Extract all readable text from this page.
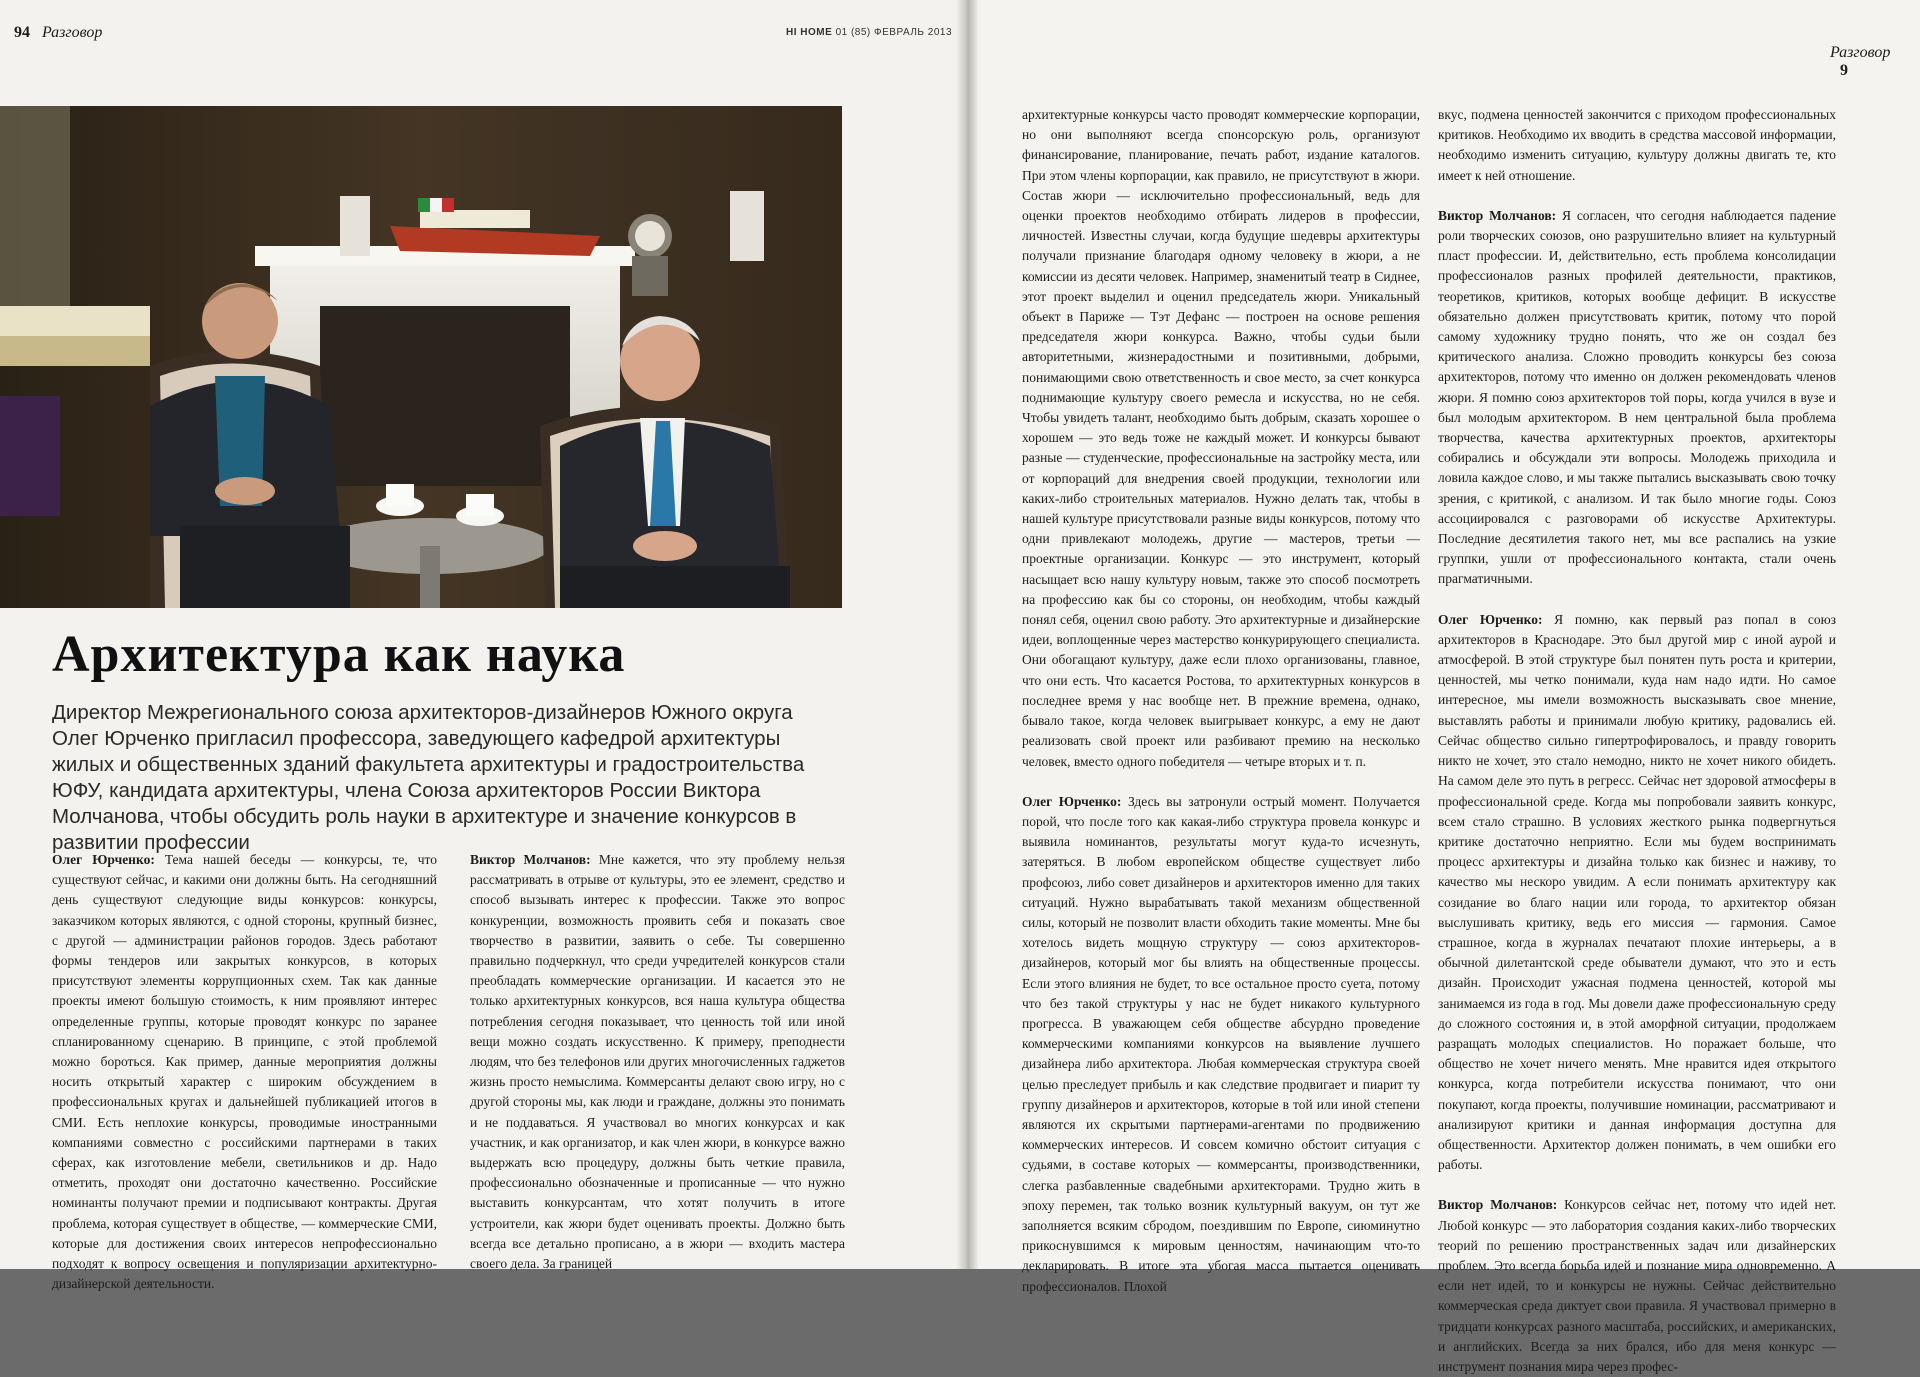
94 Разговор	HI HOME 01 (85) ФЕВРАЛЬ 2013
Архитектура как наука
Директор Межрегионального союза архитекторов-дизайнеров Южного округа Олег Юрченко пригласил профессора, заведующего кафедрой архитектуры жилых и общественных зданий факультета архитектуры и градостроительства ЮФУ, кандидата архитектуры, члена Союза архитекторов России Виктора Молчанова, чтобы обсудить роль науки в архитектуре и значение конкурсов в развитии профессии

Олег Юрченко: Тема нашей беседы — конкурсы, те, что существуют сейчас, и какими они должны быть. На сегодняшний день существуют следующие виды конкурсов: конкурсы, заказчиком которых являются, с одной стороны, крупный бизнес, с другой — администрации районов городов. Здесь работают формы тендеров или закрытых конкурсов, в которых присутствуют элементы коррупционных схем. Так как данные проекты имеют большую стоимость, к ним проявляют интерес определенные группы, которые проводят конкурс по заранее спланированному сценарию. В принципе, с этой проблемой можно бороться. Как пример, данные мероприятия должны носить открытый характер с широким обсуждением в профессиональных кругах и дальнейшей публикацией итогов в СМИ. Есть неплохие конкурсы, проводимые иностранными компаниями совместно с российскими партнерами в таких сферах, как изготовление мебели, светильников и др. Надо отметить, проходят они достаточно качественно. Российские номинанты получают премии и подписывают контракты. Другая проблема, которая существует в обществе, — коммерческие СМИ, которые для достижения своих интересов непрофессионально подходят к вопросу освещения и популяризации архитектурно-дизайнерской деятельности.

Виктор Молчанов: Мне кажется, что эту проблему нельзя рассматривать в отрыве от культуры, это ее элемент, средство и способ вызывать интерес к профессии. Также это вопрос конкуренции, возможность проявить себя и показать свое творчество в развитии, заявить о себе. Ты совершенно правильно подчеркнул, что среди учредителей конкурсов стали преобладать коммерческие организации. И касается это не только архитектурных конкурсов, вся наша культура общества потребления сегодня показывает, что ценность той или иной вещи можно создать искусственно. К примеру, преподнести людям, что без телефонов или других многочисленных гаджетов жизнь просто немыслима. Коммерсанты делают свою игру, но с другой стороны мы, как люди и граждане, должны это понимать и не поддаваться. Я участвовал во многих конкурсах и как участник, и как организатор, и как член жюри, в конкурсе важно выдержать всю процедуру, должны быть четкие правила, профессионально обозначенные и прописанные — что нужно выставить конкурсантам, что хотят получить в итоге устроители, как жюри будет оценивать проекты. Должно быть всегда все детально прописано, а в жюри — входить мастера своего дела. За границей

Разговор 9

архитектурные конкурсы часто проводят коммерческие корпорации, но они выполняют всегда спонсорскую роль, организуют финансирование, планирование, печать работ, издание каталогов. При этом члены корпорации, как правило, не присутствуют в жюри. Состав жюри — исключительно профессиональный, ведь для оценки проектов необходимо отбирать лидеров в профессии, личностей. Известны случаи, когда будущие шедевры архитектуры получали признание благодаря одному человеку в жюри, а не комиссии из десяти человек. Например, знаменитый театр в Сиднее, этот проект выделил и оценил председатель жюри. Уникальный объект в Париже — Тэт Дефанс — построен на основе решения председателя жюри конкурса. Важно, чтобы судьи были авторитетными, жизнерадостными и позитивными, добрыми, понимающими свою ответственность и свое место, за счет конкурса поднимающие культуру своего ремесла и искусства, но не себя. Чтобы увидеть талант, необходимо быть добрым, сказать хорошее о хорошем — это ведь тоже не каждый может. И конкурсы бывают разные — студенческие, профессиональные на застройку места, или от корпораций для внедрения своей продукции, технологии или каких-либо строительных материалов. Нужно делать так, чтобы в нашей культуре присутствовали разные виды конкурсов, потому что одни привлекают молодежь, другие — мастеров, третьи — проектные организации. Конкурс — это инструмент, который насыщает всю нашу культуру новым, также это способ посмотреть на профессию как бы со стороны, он необходим, чтобы каждый понял себя, оценил свою работу. Это архитектурные и дизайнерские идеи, воплощенные через мастерство конкурирующего специалиста. Они обогащают культуру, даже если плохо организованы, главное, что они есть. Что касается Ростова, то архитектурных конкурсов в последнее время у нас вообще нет. В прежние времена, однако, бывало такое, когда человек выигрывает конкурс, а ему не дают реализовать свой проект или разбивают премию на несколько человек, вместо одного победителя — четыре вторых и т. п.

Олег Юрченко: Здесь вы затронули острый момент. Получается порой, что после того как какая-либо структура провела конкурс и выявила номинантов, результаты могут куда-то исчезнуть, затеряться. В любом европейском обществе существует либо профсоюз, либо совет дизайнеров и архитекторов именно для таких ситуаций. Нужно вырабатывать такой механизм общественной силы, который не позволит власти обходить такие моменты. Мне бы хотелось видеть мощную структуру — союз архитекторов-дизайнеров, который мог бы влиять на общественные процессы. Если этого влияния не будет, то все остальное просто суета, потому что без такой структуры у нас не будет никакого культурного прогресса. В уважающем себя обществе абсурдно проведение коммерческими компаниями конкурсов на выявление лучшего дизайнера либо архитектора. Любая коммерческая структура своей целью преследует прибыль и как следствие продвигает и пиарит ту группу дизайнеров и архитекторов, которые в той или иной степени являются их скрытыми партнерами-агентами по продвижению коммерческих интересов. И совсем комично обстоит ситуация с судьями, в составе которых — коммерсанты, производственники, слегка разбавленные свадебными архитекторами. Трудно жить в эпоху перемен, так только возник культурный вакуум, он тут же заполняется всяким сбродом, поездившим по Европе, сиюминутно прикоснувшимся к мировым ценностям, начинающим что-то декларировать. В итоге эта убогая масса пытается оценивать профессионалов. Плохой

вкус, подмена ценностей закончится с приходом профессиональных критиков. Необходимо их вводить в средства массовой информации, необходимо изменить ситуацию, культуру должны двигать те, кто имеет к ней отношение.

Виктор Молчанов: Я согласен, что сегодня наблюдается падение роли творческих союзов, оно разрушительно влияет на культурный пласт профессии. И, действительно, есть проблема консолидации профессионалов разных профилей деятельности, практиков, теоретиков, критиков, которых вообще дефицит. В искусстве обязательно должен присутствовать критик, потому что порой самому художнику трудно понять, что же он создал без критического анализа. Сложно проводить конкурсы без союза архитекторов, потому что именно он должен рекомендовать членов жюри. Я помню союз архитекторов той поры, когда учился в вузе и был молодым архитектором. В нем центральной была проблема творчества, качества архитектурных проектов, архитекторы собирались и обсуждали эти вопросы. Молодежь приходила и ловила каждое слово, и мы также пытались высказывать свою точку зрения, с критикой, с анализом. И так было многие годы. Союз ассоциировался с разговорами об искусстве Архитектуры. Последние десятилетия такого нет, мы все распались на узкие группки, ушли от профессионального контакта, стали очень прагматичными.

Олег Юрченко: Я помню, как первый раз попал в союз архитекторов в Краснодаре. Это был другой мир с иной аурой и атмосферой. В этой структуре был понятен путь роста и критерии, ценностей, мы четко понимали, куда нам надо идти. Но самое интересное, мы имели возможность высказывать свое мнение, выставлять работы и принимали любую критику, радовались ей. Сейчас общество сильно гипертрофировалось, и правду говорить никто не хочет, это стало немодно, никто не хочет никого обидеть. На самом деле это путь в регресс. Сейчас нет здоровой атмосферы в профессиональной среде. Когда мы попробовали заявить конкурс, всем стало страшно. В условиях жесткого рынка подвергнуться критике достаточно неприятно. Если мы будем воспринимать процесс архитектуры и дизайна только как бизнес и наживу, то качество мы нескоро увидим. А если понимать архитектуру как созидание во благо нации или города, то архитектор обязан выслушивать критику, ведь его миссия — гармония. Самое страшное, когда в журналах печатают плохие интерьеры, а в обычной дилетантской среде обыватели думают, что это и есть дизайн. Происходит ужасная подмена ценностей, которой мы занимаемся из года в год. Мы довели даже профессиональную среду до сложного состояния и, в этой аморфной ситуации, продолжаем разращать молодых специалистов. Но поражает больше, что общество не хочет ничего менять. Мне нравится идея открытого конкурса, когда потребители искусства понимают, что они покупают, когда проекты, получившие номинации, рассматривают и анализируют критики и данная информация доступна для общественности. Архитектор должен понимать, в чем ошибки его работы.

Виктор Молчанов: Конкурсов сейчас нет, потому что идей нет. Любой конкурс — это лаборатория создания каких-либо творческих теорий по решению пространственных задач или дизайнерских проблем. Это всегда борьба идей и познание мира одновременно. А если нет идей, то и конкурсы не нужны. Сейчас действительно коммерческая среда диктует свои правила. Я участвовал примерно в тридцати конкурсах разного масштаба, российских, и американских, и английских. Всегда за них брался, ибо для меня конкурс — инструмент познания мира через профес-
